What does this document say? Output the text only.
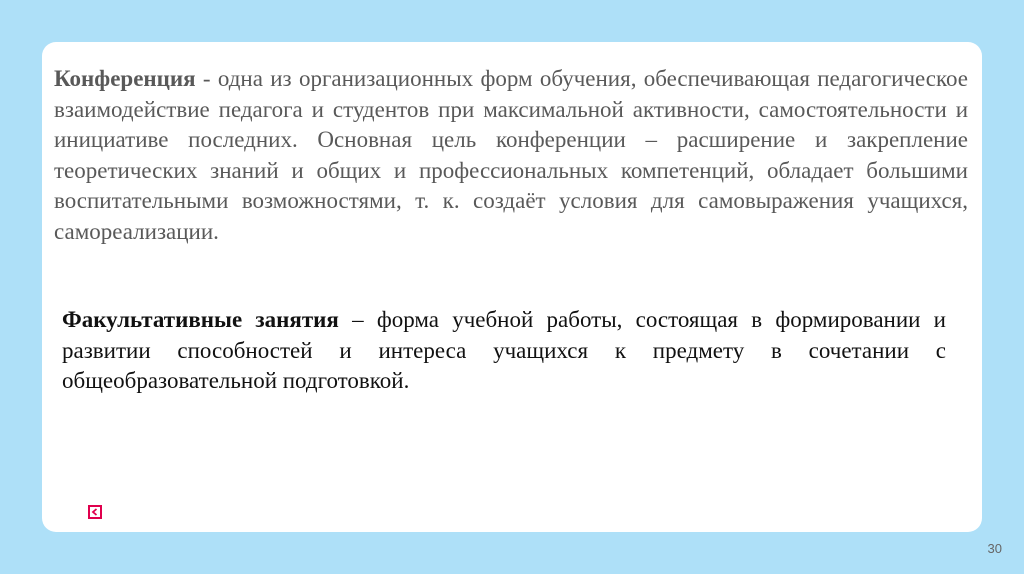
Конференция - одна из организационных форм обучения, обеспечивающая педагогическое взаимодействие педагога и студентов при максимальной активности, самостоятельности и инициативе последних. Основная цель конференции – расширение и закрепление теоретических знаний и общих и профессиональных компетенций, обладает большими воспитательными возможностями, т. к. создаёт условия для самовыражения учащихся, самореализации.

Факультативные занятия – форма учебной работы, состоящая в формировании и развитии способностей и интереса учащихся к предмету в сочетании с общеобразовательной подготовкой.

30
